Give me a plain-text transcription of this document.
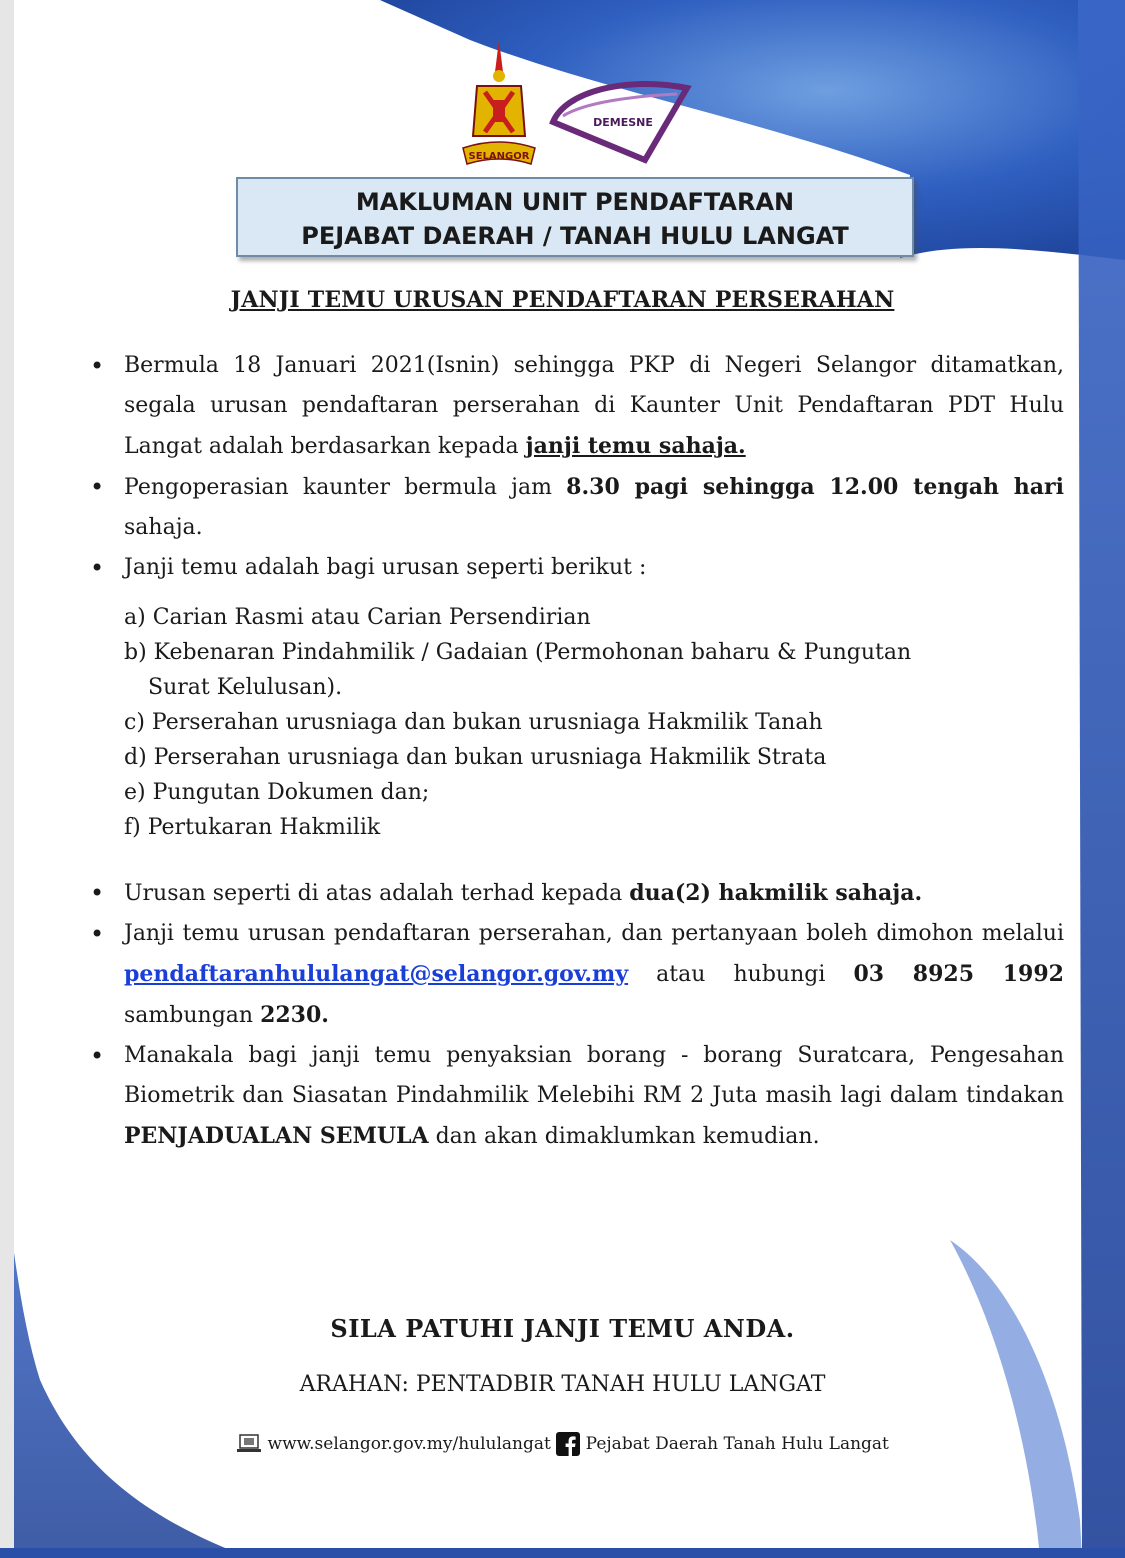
SELANGOR
DEMESNE
MAKLUMAN UNIT PENDAFTARAN
PEJABAT DAERAH / TANAH HULU LANGAT
JANJI TEMU URUSAN PENDAFTARAN PERSERAHAN
• Bermula 18 Januari 2021(Isnin) sehingga PKP di Negeri Selangor ditamatkan, segala urusan pendaftaran perserahan di Kaunter Unit Pendaftaran PDT Hulu Langat adalah berdasarkan kepada janji temu sahaja.
• Pengoperasian kaunter bermula jam 8.30 pagi sehingga 12.00 tengah hari sahaja.
• Janji temu adalah bagi urusan seperti berikut :
a) Carian Rasmi atau Carian Persendirian
b) Kebenaran Pindahmilik / Gadaian (Permohonan baharu & Pungutan
Surat Kelulusan).
c) Perserahan urusniaga dan bukan urusniaga Hakmilik Tanah
d) Perserahan urusniaga dan bukan urusniaga Hakmilik Strata
e) Pungutan Dokumen dan;
f) Pertukaran Hakmilik
• Urusan seperti di atas adalah terhad kepada dua(2) hakmilik sahaja.
• Janji temu urusan pendaftaran perserahan, dan pertanyaan boleh dimohon melalui pendaftaranhululangat@selangor.gov.my atau hubungi 03 8925 1992 sambungan 2230.
• Manakala bagi janji temu penyaksian borang - borang Suratcara, Pengesahan Biometrik dan Siasatan Pindahmilik Melebihi RM 2 Juta masih lagi dalam tindakan PENJADUALAN SEMULA dan akan dimaklumkan kemudian.
SILA PATUHI JANJI TEMU ANDA.
ARAHAN: PENTADBIR TANAH HULU LANGAT
www.selangor.gov.my/hululangat Pejabat Daerah Tanah Hulu Langat
